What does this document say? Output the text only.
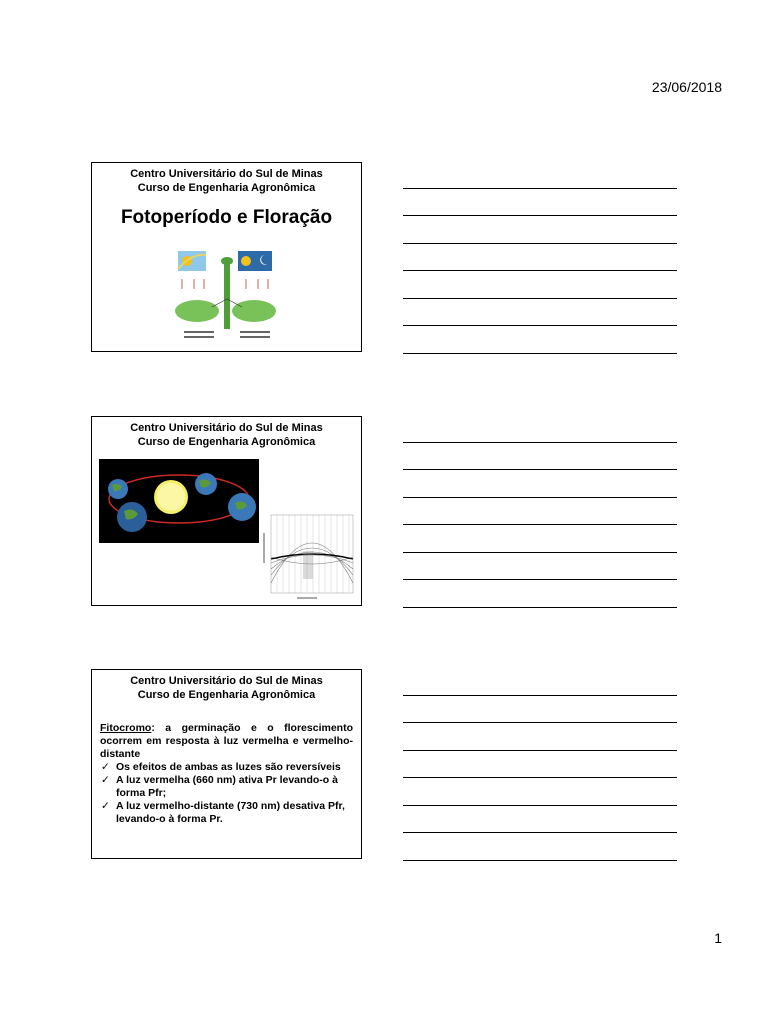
23/06/2018
Centro Universitário do Sul de Minas
Curso de Engenharia Agronômica
Fotoperíodo e Floração
Centro Universitário do Sul de Minas
Curso de Engenharia Agronômica
Centro Universitário do Sul de Minas
Curso de Engenharia Agronômica

Fitocromo: a germinação e o florescimento ocorrem em resposta à luz vermelha e vermelho-distante

✓ Os efeitos de ambas as luzes são reversíveis
✓ A luz vermelha (660 nm) ativa Pr levando-o à forma Pfr;
✓ A luz vermelho-distante (730 nm) desativa Pfr, levando-o à forma Pr.
1
